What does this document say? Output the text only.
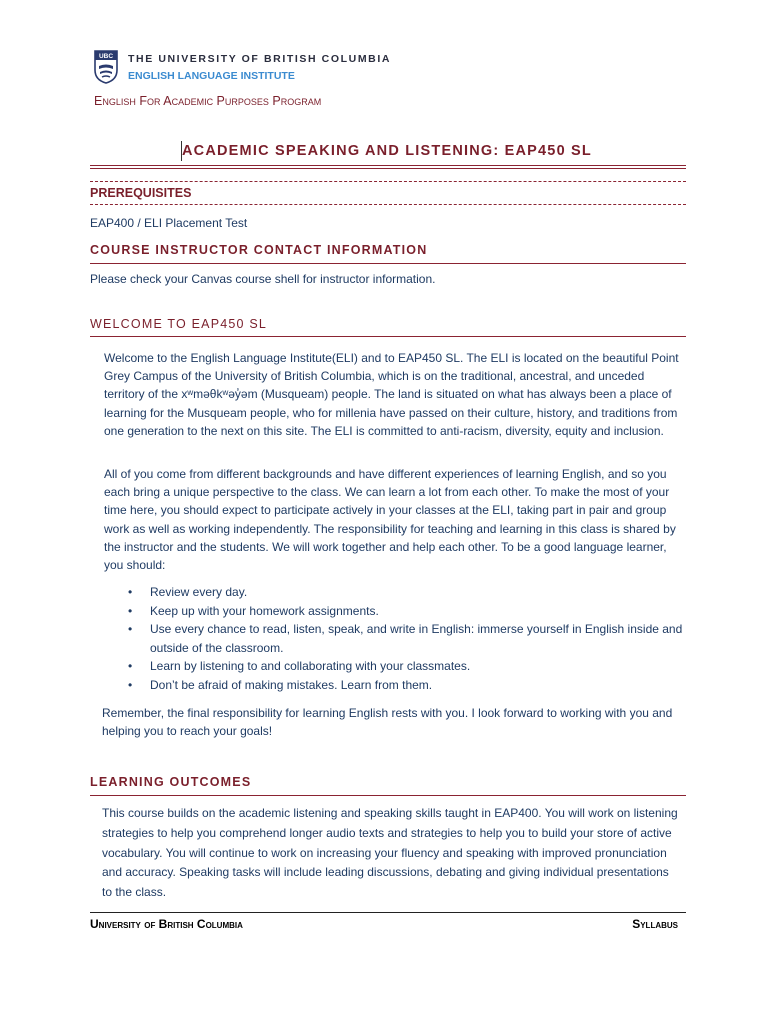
UBC THE UNIVERSITY OF BRITISH COLUMBIA
ENGLISH LANGUAGE INSTITUTE
English For Academic Purposes Program
ACADEMIC SPEAKING AND LISTENING: EAP450 SL
PREREQUISITES
EAP400 / ELI Placement Test
COURSE INSTRUCTOR CONTACT INFORMATION
Please check your Canvas course shell for instructor information.
WELCOME TO EAP450 SL
Welcome to the English Language Institute(ELI) and to EAP450 SL. The ELI is located on the beautiful Point Grey Campus of the University of British Columbia, which is on the traditional, ancestral, and unceded territory of the xʷməθkʷəy̓əm (Musqueam) people. The land is situated on what has always been a place of learning for the Musqueam people, who for millenia have passed on their culture, history, and traditions from one generation to the next on this site. The ELI is committed to anti-racism, diversity, equity and inclusion.
All of you come from different backgrounds and have different experiences of learning English, and so you each bring a unique perspective to the class. We can learn a lot from each other. To make the most of your time here, you should expect to participate actively in your classes at the ELI, taking part in pair and group work as well as working independently. The responsibility for teaching and learning in this class is shared by the instructor and the students. We will work together and help each other. To be a good language learner, you should:
• Review every day.
• Keep up with your homework assignments.
• Use every chance to read, listen, speak, and write in English: immerse yourself in English inside and outside of the classroom.
• Learn by listening to and collaborating with your classmates.
• Don’t be afraid of making mistakes. Learn from them.
Remember, the final responsibility for learning English rests with you. I look forward to working with you and helping you to reach your goals!
LEARNING OUTCOMES
This course builds on the academic listening and speaking skills taught in EAP400. You will work on listening strategies to help you comprehend longer audio texts and strategies to help you to build your store of active vocabulary. You will continue to work on increasing your fluency and speaking with improved pronunciation and accuracy. Speaking tasks will include leading discussions, debating and giving individual presentations to the class.
University of British Columbia	Syllabus
